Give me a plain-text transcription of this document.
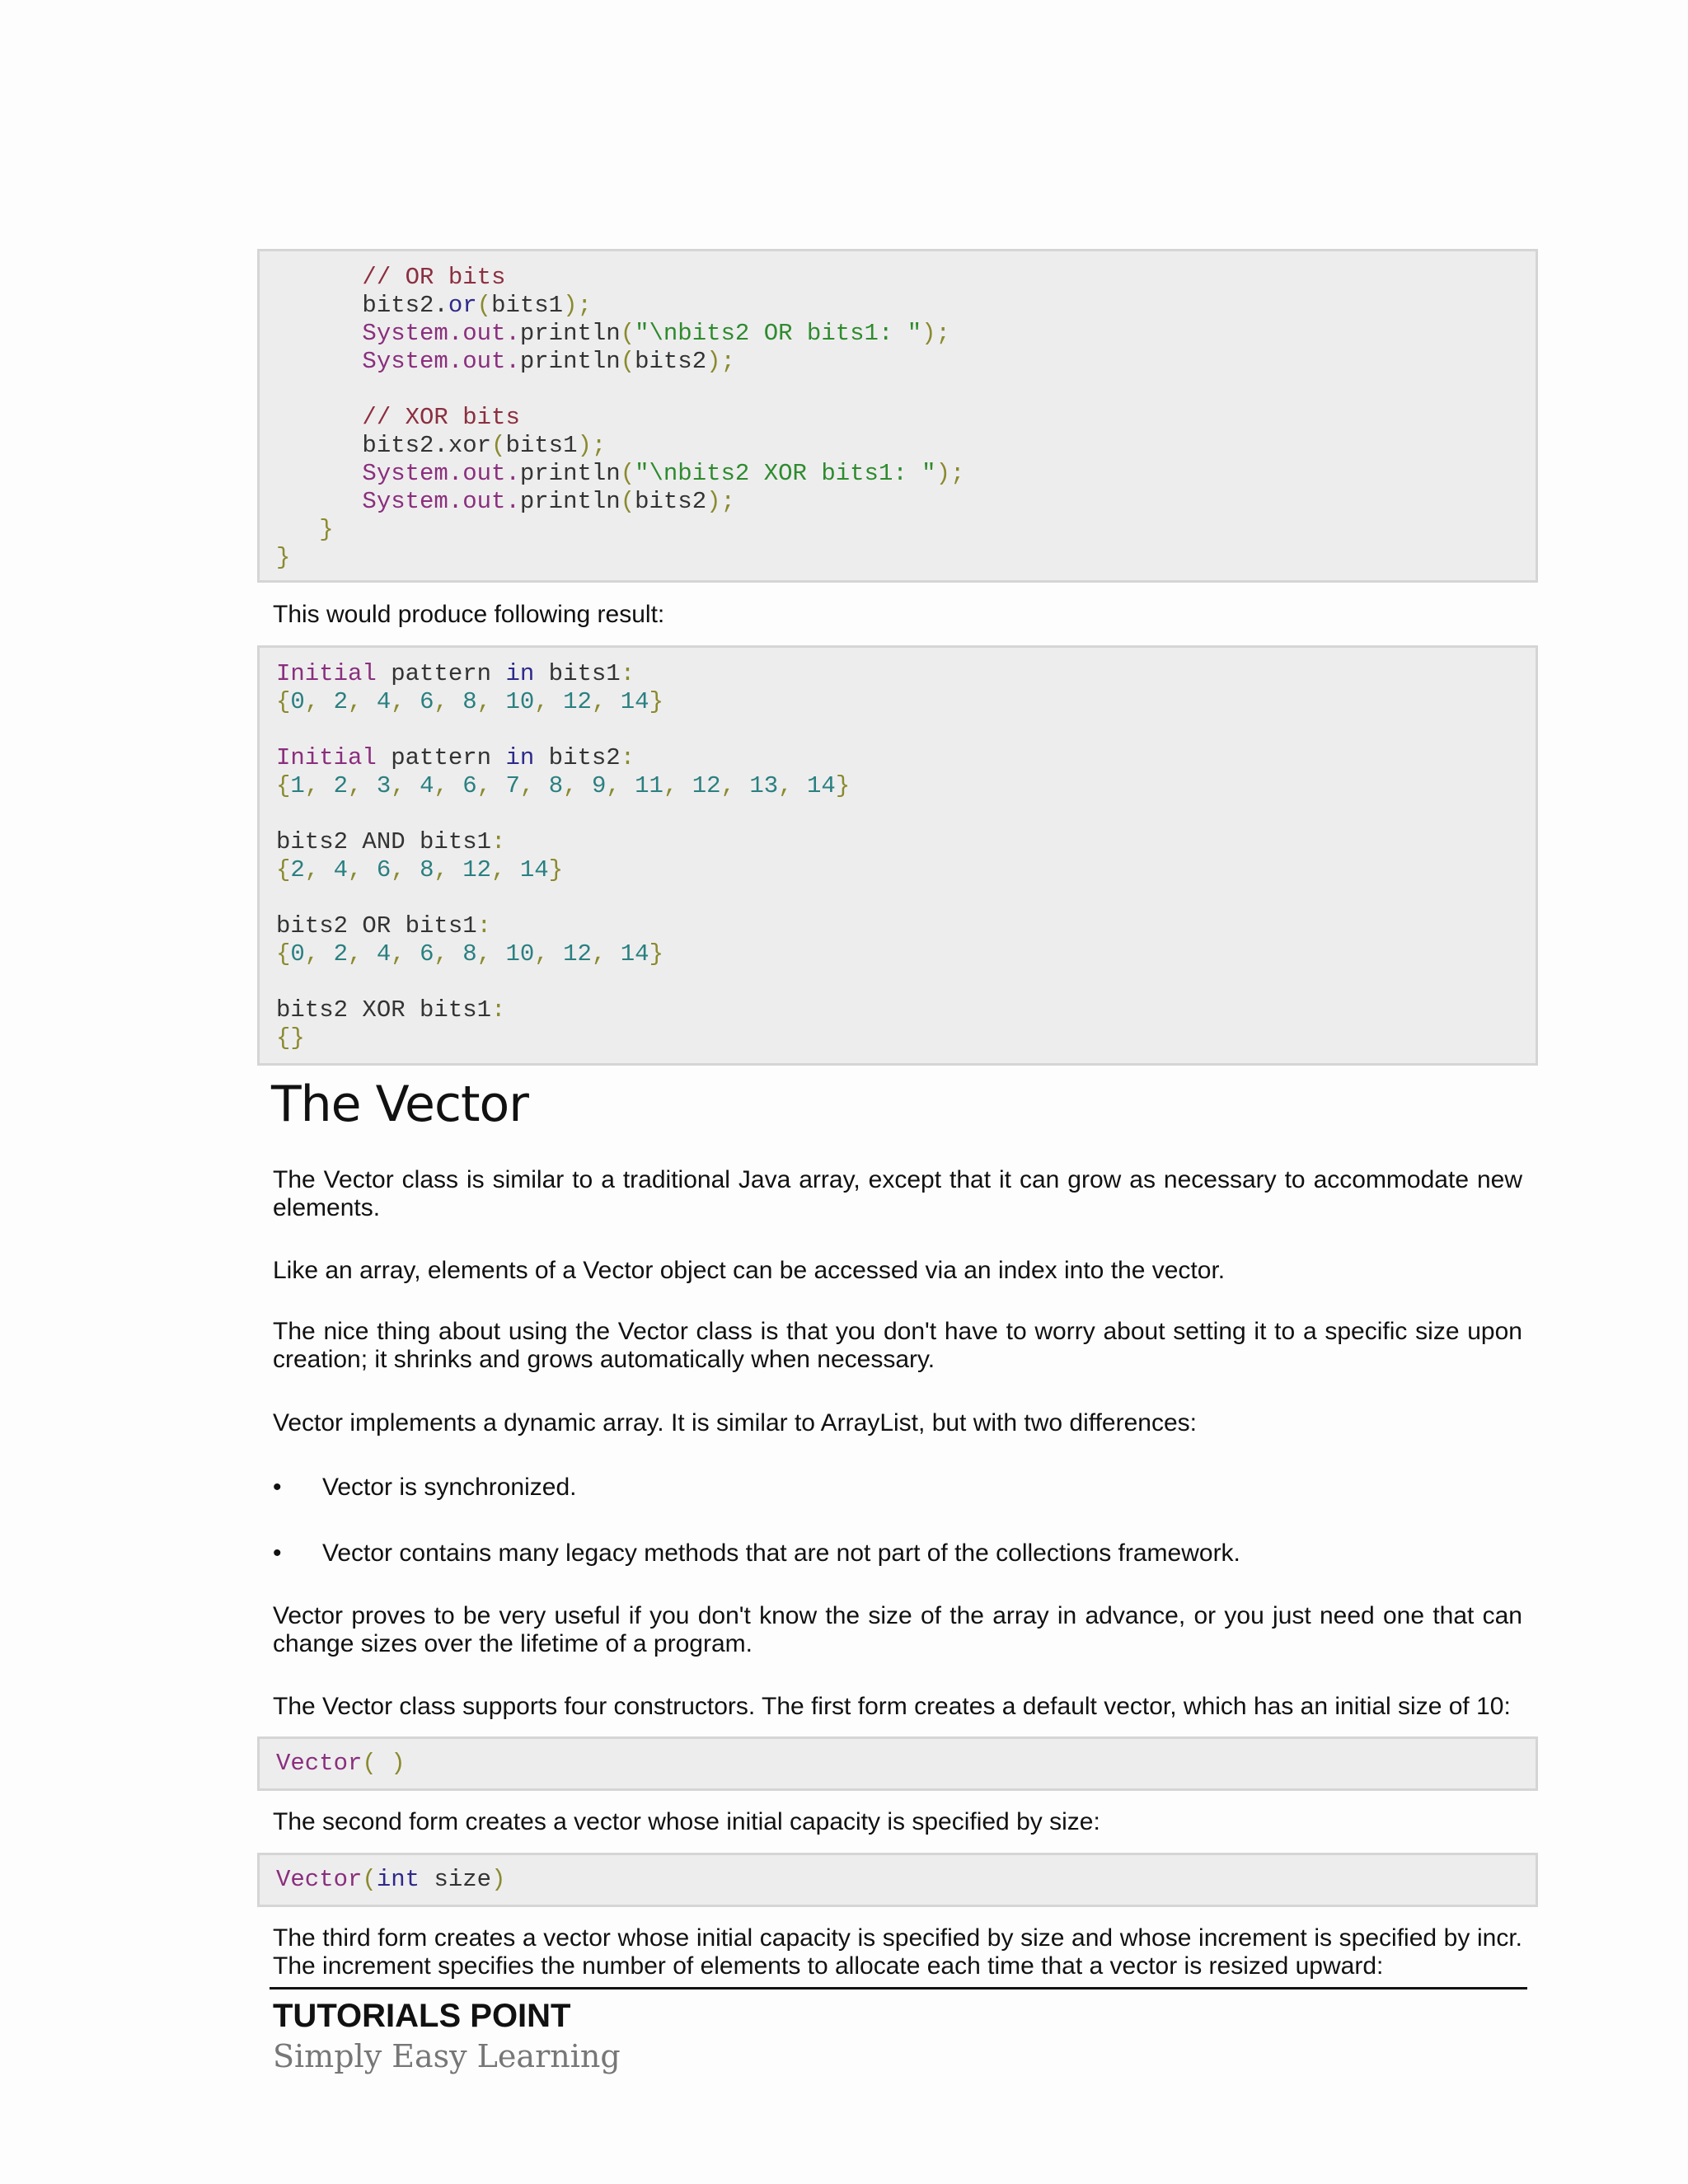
// OR bits
bits2.or(bits1);
System.out.println("\nbits2 OR bits1: ");
System.out.println(bits2);
// XOR bits
bits2.xor(bits1);
System.out.println("\nbits2 XOR bits1: ");
System.out.println(bits2);
}
}

This would produce following result:

Initial pattern in bits1:
{0, 2, 4, 6, 8, 10, 12, 14}
Initial pattern in bits2:
{1, 2, 3, 4, 6, 7, 8, 9, 11, 12, 13, 14}
bits2 AND bits1:
{2, 4, 6, 8, 12, 14}
bits2 OR bits1:
{0, 2, 4, 6, 8, 10, 12, 14}
bits2 XOR bits1:
{}
The Vector

The Vector class is similar to a traditional Java array, except that it can grow as necessary to accommodate new elements.

Like an array, elements of a Vector object can be accessed via an index into the vector.

The nice thing about using the Vector class is that you don't have to worry about setting it to a specific size upon creation; it shrinks and grows automatically when necessary.

Vector implements a dynamic array. It is similar to ArrayList, but with two differences:

•	Vector is synchronized.
•	Vector contains many legacy methods that are not part of the collections framework.

Vector proves to be very useful if you don't know the size of the array in advance, or you just need one that can change sizes over the lifetime of a program.

The Vector class supports four constructors. The first form creates a default vector, which has an initial size of 10:

Vector( )

The second form creates a vector whose initial capacity is specified by size:

Vector(int size)

The third form creates a vector whose initial capacity is specified by size and whose increment is specified by incr. The increment specifies the number of elements to allocate each time that a vector is resized upward:

TUTORIALS POINT
Simply Easy Learning
